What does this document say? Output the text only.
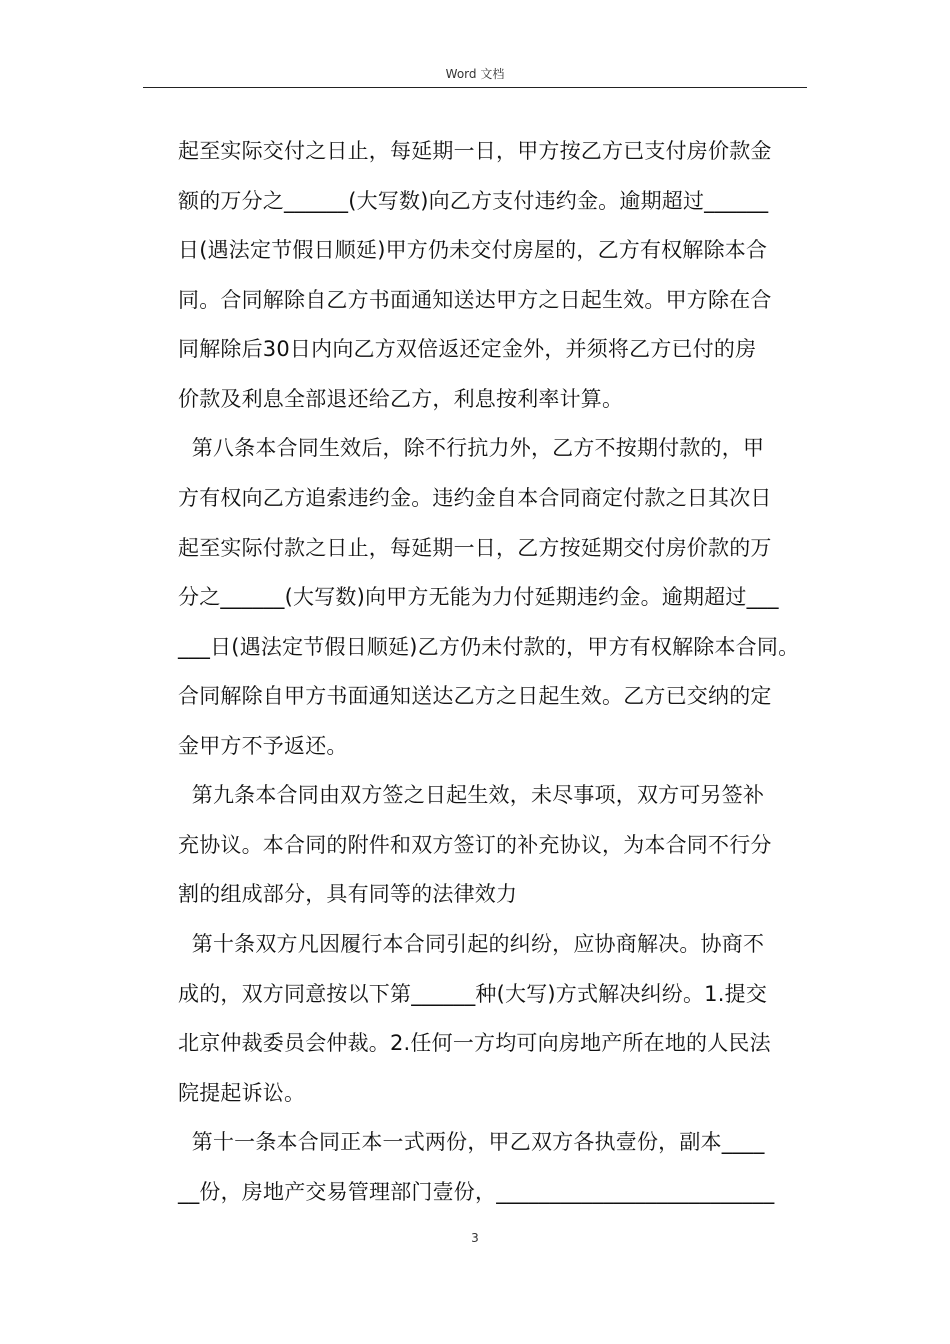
Word 文档
起至实际交付之日止，每延期一日，甲方按乙方已支付房价款金
额的万分之______(大写数)向乙方支付违约金。逾期超过______
日(遇法定节假日顺延)甲方仍未交付房屋的，乙方有权解除本合
同。合同解除自乙方书面通知送达甲方之日起生效。甲方除在合
同解除后30日内向乙方双倍返还定金外，并须将乙方已付的房
价款及利息全部退还给乙方，利息按利率计算。
第八条本合同生效后，除不行抗力外，乙方不按期付款的，甲
方有权向乙方追索违约金。违约金自本合同商定付款之日其次日
起至实际付款之日止，每延期一日，乙方按延期交付房价款的万
分之______(大写数)向甲方无能为力付延期违约金。逾期超过___
___日(遇法定节假日顺延)乙方仍未付款的，甲方有权解除本合同。
合同解除自甲方书面通知送达乙方之日起生效。乙方已交纳的定
金甲方不予返还。
第九条本合同由双方签之日起生效，未尽事项，双方可另签补
充协议。本合同的附件和双方签订的补充协议，为本合同不行分
割的组成部分，具有同等的法律效力
第十条双方凡因履行本合同引起的纠纷，应协商解决。协商不
成的，双方同意按以下第______种(大写)方式解决纠纷。1.提交
北京仲裁委员会仲裁。2.任何一方均可向房地产所在地的人民法
院提起诉讼。
第十一条本合同正本一式两份，甲乙双方各执壹份，副本____
__份，房地产交易管理部门壹份，__________________________
3
